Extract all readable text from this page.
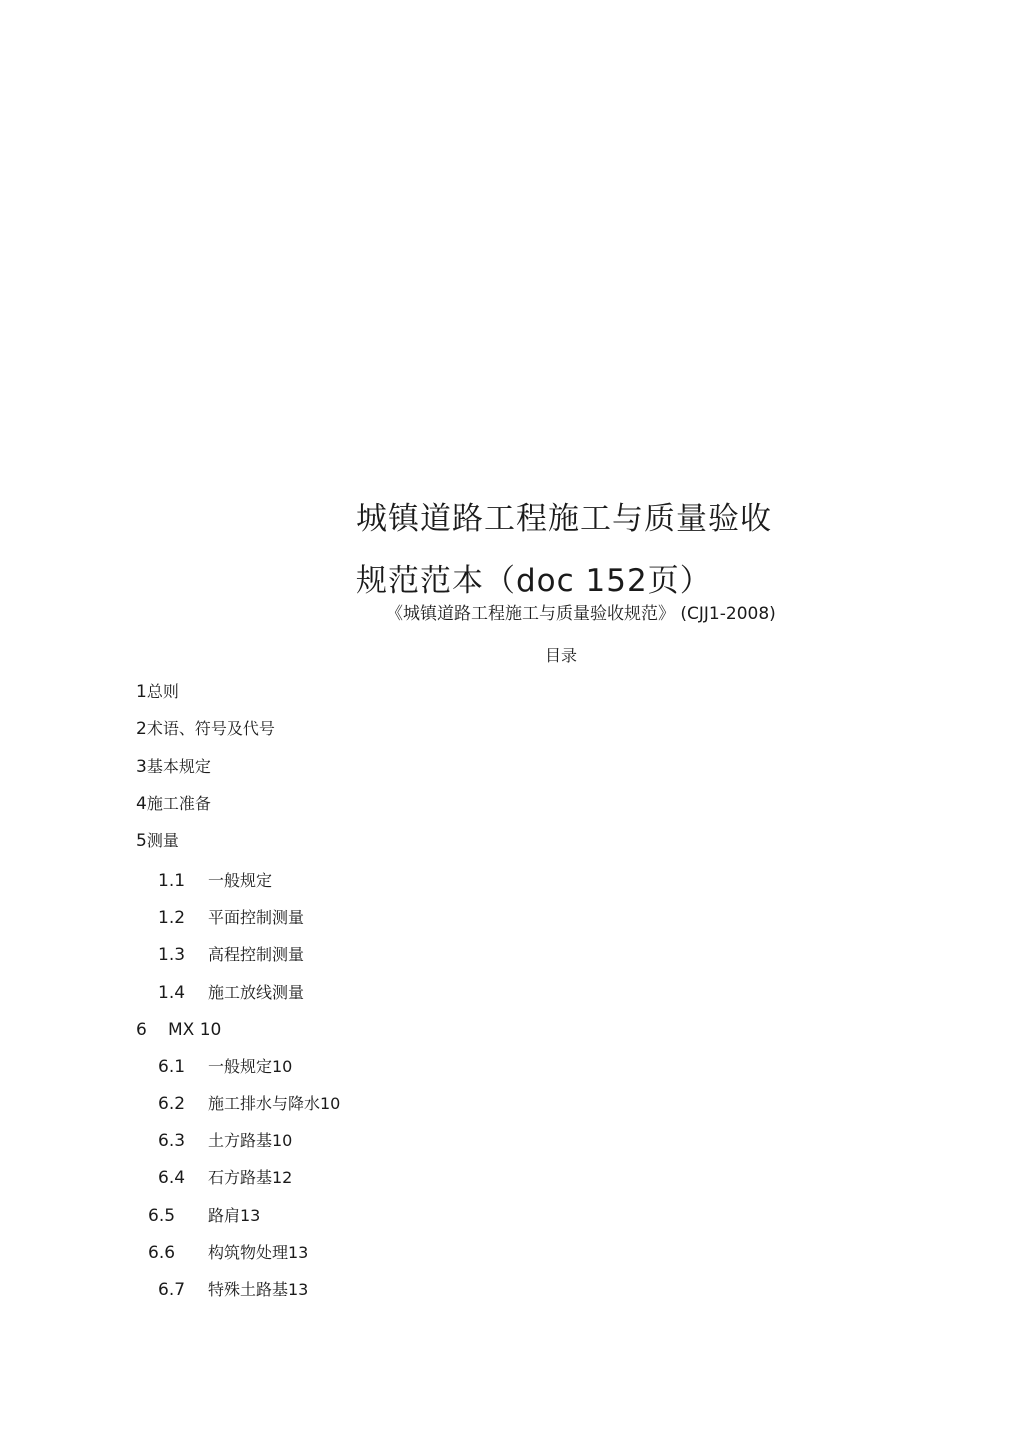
城镇道路工程施工与质量验收
规范范本（doc 152页）
《城镇道路工程施工与质量验收规范》 (CJJ1-2008)
目录
1总则
2术语、符号及代号
3基本规定
4施工准备
5测量
1.1 一般规定
1.2 平面控制测量
1.3 高程控制测量
1.4 施工放线测量
6 MX 10
6.1 一般规定10
6.2 施工排水与降水10
6.3 土方路基10
6.4 石方路基12
6.5 路肩13
6.6 构筑物处理13
6.7 特殊土路基13
